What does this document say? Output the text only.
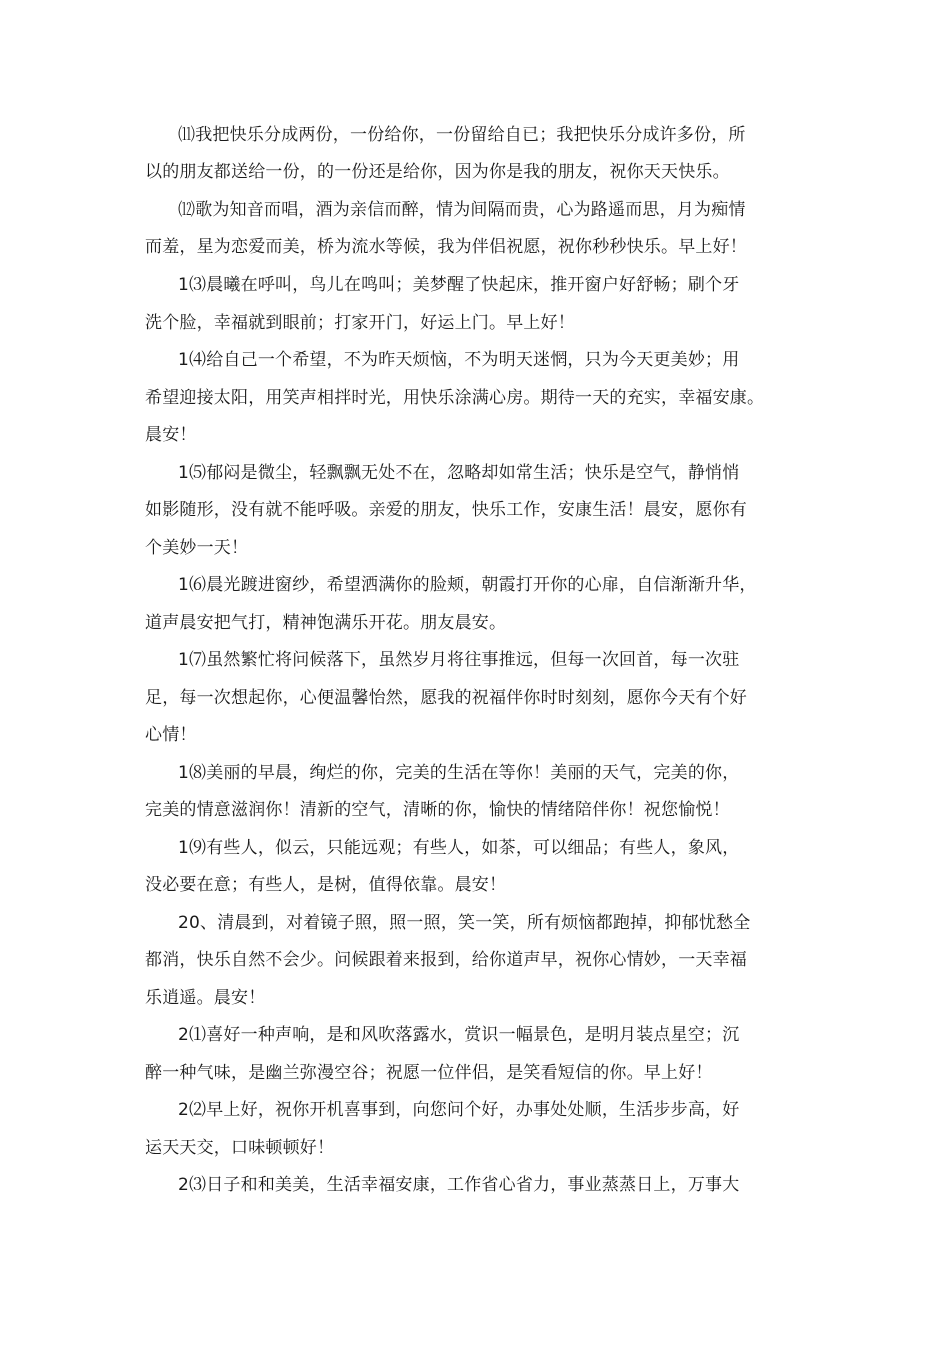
⑾我把快乐分成两份，一份给你，一份留给自已；我把快乐分成许多份，所
以的朋友都送给一份，的一份还是给你，因为你是我的朋友，祝你天天快乐。
⑿歌为知音而唱，酒为亲信而醉，情为间隔而贵，心为路遥而思，月为痴情
而羞，星为恋爱而美，桥为流水等候，我为伴侣祝愿，祝你秒秒快乐。早上好！
1⑶晨曦在呼叫，鸟儿在鸣叫；美梦醒了快起床，推开窗户好舒畅；刷个牙
洗个脸，幸福就到眼前；打家开门，好运上门。早上好！
1⑷给自己一个希望，不为昨天烦恼，不为明天迷惘，只为今天更美妙；用
希望迎接太阳，用笑声相拌时光，用快乐涂满心房。期待一天的充实，幸福安康。
晨安！
1⑸郁闷是微尘，轻飘飘无处不在，忽略却如常生活；快乐是空气，静悄悄
如影随形，没有就不能呼吸。亲爱的朋友，快乐工作，安康生活！晨安，愿你有
个美妙一天！
1⑹晨光踱进窗纱，希望洒满你的脸颊，朝霞打开你的心扉，自信渐渐升华，
道声晨安把气打，精神饱满乐开花。朋友晨安。
1⑺虽然繁忙将问候落下，虽然岁月将往事推远，但每一次回首，每一次驻
足，每一次想起你，心便温馨怡然，愿我的祝福伴你时时刻刻，愿你今天有个好
心情！
1⑻美丽的早晨，绚烂的你，完美的生活在等你！美丽的天气，完美的你，
完美的情意滋润你！清新的空气，清晰的你，愉快的情绪陪伴你！祝您愉悦！
1⑼有些人，似云，只能远观；有些人，如茶，可以细品；有些人，象风，
没必要在意；有些人，是树，值得依靠。晨安！
20、清晨到，对着镜子照，照一照，笑一笑，所有烦恼都跑掉，抑郁忧愁全
都消，快乐自然不会少。问候跟着来报到，给你道声早，祝你心情妙，一天幸福
乐逍遥。晨安！
2⑴喜好一种声响，是和风吹落露水，赏识一幅景色，是明月装点星空；沉
醉一种气味，是幽兰弥漫空谷；祝愿一位伴侣，是笑看短信的你。早上好！
2⑵早上好，祝你开机喜事到，向您问个好，办事处处顺，生活步步高，好
运天天交，口味顿顿好！
2⑶日子和和美美，生活幸福安康，工作省心省力，事业蒸蒸日上，万事大
